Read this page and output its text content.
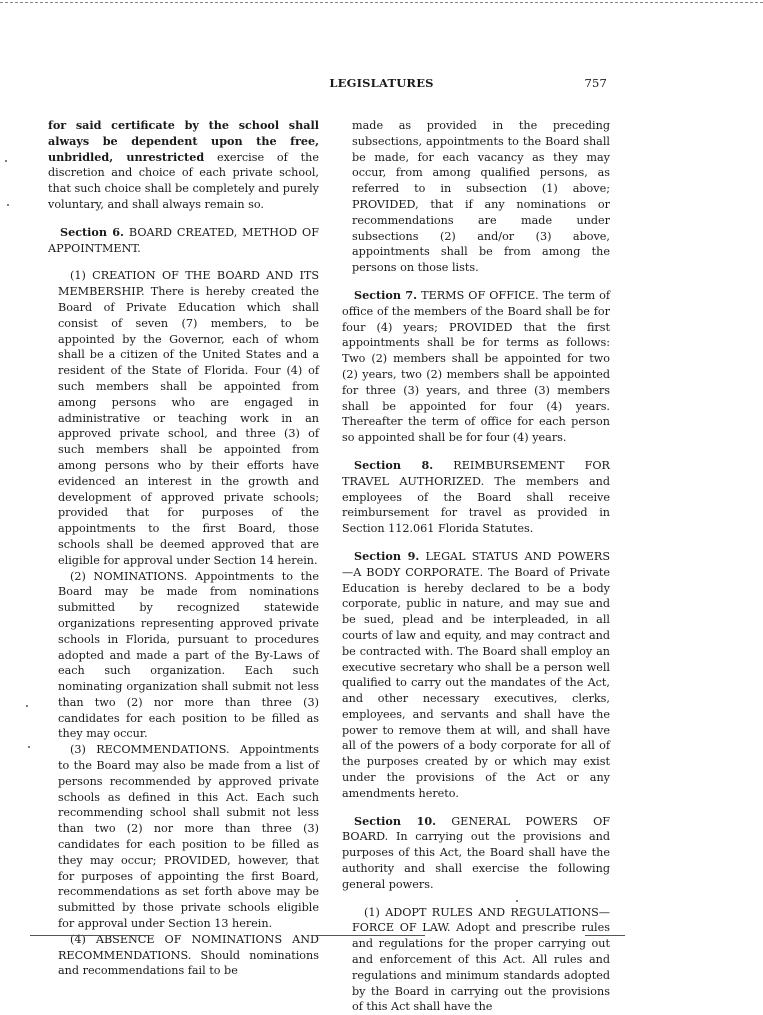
LEGISLATURES	757

for said certificate by the school shall always be dependent upon the free, unbridled, unrestricted exercise of the discretion and choice of each private school, that such choice shall be completely and purely voluntary, and shall always remain so.

Section 6. BOARD CREATED, METHOD OF APPOINTMENT.

(1) CREATION OF THE BOARD AND ITS MEMBERSHIP. There is hereby created the Board of Private Education which shall consist of seven (7) members, to be appointed by the Governor, each of whom shall be a citizen of the United States and a resident of the State of Florida. Four (4) of such members shall be appointed from among persons who are engaged in administrative or teaching work in an approved private school, and three (3) of such members shall be appointed from among persons who by their efforts have evidenced an interest in the growth and development of approved private schools; provided that for purposes of the appointments to the first Board, those schools shall be deemed approved that are eligible for approval under Section 14 herein.

(2) NOMINATIONS. Appointments to the Board may be made from nominations submitted by recognized statewide organizations representing approved private schools in Florida, pursuant to procedures adopted and made a part of the By-Laws of each such organization. Each such nominating organization shall submit not less than two (2) nor more than three (3) candidates for each position to be filled as they may occur.

(3) RECOMMENDATIONS. Appointments to the Board may also be made from a list of persons recommended by approved private schools as defined in this Act. Each such recommending school shall submit not less than two (2) nor more than three (3) candidates for each position to be filled as they may occur; PROVIDED, however, that for purposes of appointing the first Board, recommendations as set forth above may be submitted by those private schools eligible for approval under Section 13 herein.

(4) ABSENCE OF NOMINATIONS AND RECOMMENDATIONS. Should nominations and recommendations fail to be

made as provided in the preceding subsections, appointments to the Board shall be made, for each vacancy as they may occur, from among qualified persons, as referred to in subsection (1) above; PROVIDED, that if any nominations or recommendations are made under subsections (2) and/or (3) above, appointments shall be from among the persons on those lists.

Section 7. TERMS OF OFFICE. The term of office of the members of the Board shall be for four (4) years; PROVIDED that the first appointments shall be for terms as follows: Two (2) members shall be appointed for two (2) years, two (2) members shall be appointed for three (3) years, and three (3) members shall be appointed for four (4) years. Thereafter the term of office for each person so appointed shall be for four (4) years.

Section 8. REIMBURSEMENT FOR TRAVEL AUTHORIZED. The members and employees of the Board shall receive reimbursement for travel as provided in Section 112.061 Florida Statutes.

Section 9. LEGAL STATUS AND POWERS —A BODY CORPORATE. The Board of Private Education is hereby declared to be a body corporate, public in nature, and may sue and be sued, plead and be interpleaded, in all courts of law and equity, and may contract and be contracted with. The Board shall employ an executive secretary who shall be a person well qualified to carry out the mandates of the Act, and other necessary executives, clerks, employees, and servants and shall have the power to remove them at will, and shall have all of the powers of a body corporate for all of the purposes created by or which may exist under the provisions of the Act or any amendments hereto.

Section 10. GENERAL POWERS OF BOARD. In carrying out the provisions and purposes of this Act, the Board shall have the authority and shall exercise the following general powers.

(1) ADOPT RULES AND REGULATIONS—FORCE OF LAW. Adopt and prescribe rules and regulations for the proper carrying out and enforcement of this Act. All rules and regulations and minimum standards adopted by the Board in carrying out the provisions of this Act shall have the
